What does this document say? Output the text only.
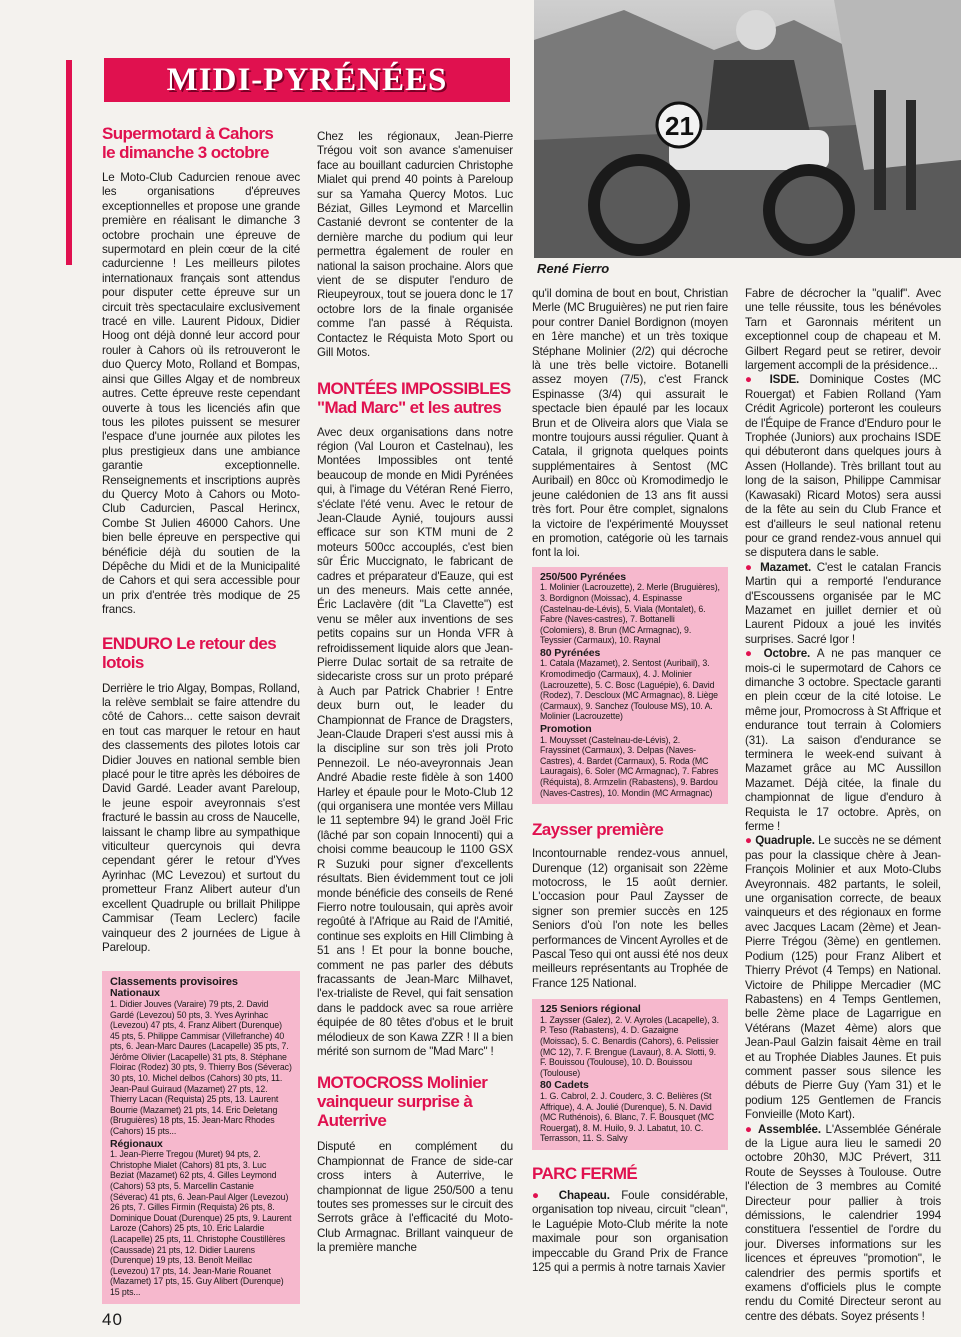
MIDI-PYRÉNÉES
21
René Fierro
Supermotard à Cahors le dimanche 3 octobre
Le Moto-Club Cadurcien renoue avec les organisations d'épreuves exceptionnelles et propose une grande première en réalisant le dimanche 3 octobre prochain une épreuve de supermotard en plein cœur de la cité cadurcienne ! Les meilleurs pilotes internationaux français sont attendus pour disputer cette épreuve sur un circuit très spectaculaire exclusivement tracé en ville. Laurent Pidoux, Didier Hoog ont déjà donné leur accord pour rouler à Cahors où ils retrouveront le duo Quercy Moto, Rolland et Bompas, ainsi que Gilles Algay et de nombreux autres. Cette épreuve reste cependant ouverte à tous les licenciés afin que tous les pilotes puissent se mesurer l'espace d'une journée aux pilotes les plus prestigieux dans une ambiance garantie exceptionnelle. Renseignements et inscriptions auprès du Quercy Moto à Cahors ou Moto-Club Cadurcien, Pascal Herincx, Combe St Julien 46000 Cahors. Une bien belle épreuve en perspective qui bénéficie déjà du soutien de la Dépêche du Midi et de la Municipalité de Cahors et qui sera accessible pour un prix d'entrée très modique de 25 francs.
ENDURO Le retour des lotois
Derrière le trio Algay, Bompas, Rolland, la relève semblait se faire attendre du côté de Cahors... cette saison devrait en tout cas marquer le retour en haut des classements des pilotes lotois car Didier Jouves en national semble bien placé pour le titre après les déboires de David Gardé. Leader avant Pareloup, le jeune espoir aveyronnais s'est fracturé le bassin au cross de Naucelle, laissant le champ libre au sympathique viticulteur quercynois qui devra cependant gérer le retour d'Yves Ayrinhac (MC Levezou) et surtout du prometteur Franz Alibert auteur d'un excellent Quadruple ou brillait Philippe Cammisar (Team Leclerc) facile vainqueur des 2 journées de Ligue à Pareloup.
Classements provisoires
Nationaux

1. Didier Jouves (Varaire) 79 pts, 2. David Gardé (Levezou) 50 pts, 3. Yves Ayrinhac (Levezou) 47 pts, 4. Franz Alibert (Durenque) 45 pts, 5. Philippe Cammisar (Villefranche) 40 pts, 6. Jean-Marc Daures (Lacapelle) 35 pts, 7. Jérôme Olivier (Lacapelle) 31 pts, 8. Stéphane Floirac (Rodez) 30 pts, 9. Thierry Bos (Séverac) 30 pts, 10. Michel delbos (Cahors) 30 pts, 11. Jean-Paul Guiraud (Mazamet) 27 pts, 12. Thierry Lacan (Requista) 25 pts, 13. Laurent Bourrie (Mazamet) 21 pts, 14. Eric Deletang (Bruguières) 18 pts, 15. Jean-Marc Rhodes (Cahors) 15 pts...

Régionaux

1. Jean-Pierre Tregou (Muret) 94 pts, 2. Christophe Mialet (Cahors) 81 pts, 3. Luc Beziat (Mazamet) 62 pts, 4. Gilles Leymond (Cahors) 53 pts, 5. Marcellin Castanie (Séverac) 41 pts, 6. Jean-Paul Alger (Levezou) 26 pts, 7. Gilles Firmin (Requista) 26 pts, 8. Dominique Douat (Durenque) 25 pts, 9. Laurent Laroze (Cahors) 25 pts, 10. Eric Lalardie (Lacapelle) 25 pts, 11. Christophe Coustillères (Caussade) 21 pts, 12. Didier Laurens (Durenque) 19 pts, 13. Benoît Meillac (Levezou) 17 pts, 14. Jean-Marie Rouanet (Mazamet) 17 pts, 15. Guy Alibert (Durenque) 15 pts...

Chez les régionaux, Jean-Pierre Trégou voit son avance s'amenuiser face au bouillant cadurcien Christophe Mialet qui prend 40 points à Pareloup sur sa Yamaha Quercy Motos. Luc Béziat, Gilles Leymond et Marcellin Castanié devront se contenter de la dernière marche du podium qui leur permettra également de rouler en national la saison prochaine. Alors que vient de se disputer l'enduro de Rieupeyroux, tout se jouera donc le 17 octobre lors de la finale organisée comme l'an passé à Réquista. Contactez le Réquista Moto Sport ou Gill Motos.
MONTÉES IMPOSSIBLES "Mad Marc" et les autres
Avec deux organisations dans notre région (Val Louron et Castelnau), les Montées Impossibles ont tenté beaucoup de monde en Midi Pyrénées qui, à l'image du Vétéran René Fierro, s'éclate l'été venu. Avec le retour de Jean-Claude Aynié, toujours aussi efficace sur son KTM muni de 2 moteurs 500cc accouplés, c'est bien sûr Éric Muccignato, le fabricant de cadres et préparateur d'Eauze, qui est un des meneurs. Mais cette année, Éric Laclavère (dit "La Clavette") est venu se mêler aux inventions de ses petits copains sur un Honda VFR à refroidissement liquide alors que Jean-Pierre Dulac sortait de sa retraite de sidecariste cross sur un proto préparé à Auch par Patrick Chabrier ! Entre deux burn out, le leader du Championnat de France de Dragsters, Jean-Claude Draperi s'est aussi mis à la discipline sur son très joli Proto Pennezoil. Le néo-aveyronnais Jean André Abadie reste fidèle à son 1400 Harley et épaule pour le Moto-Club 12 (qui organisera une montée vers Millau le 11 septembre 94) le grand Joël Fric (lâché par son copain Innocenti) qui a choisi comme beaucoup le 1100 GSX R Suzuki pour signer d'excellents résultats. Bien évidemment tout ce joli monde bénéficie des conseils de René Fierro notre toulousain, qui après avoir regoûté à l'Afrique au Raid de l'Amitié, continue ses exploits en Hill Climbing à 51 ans ! Et pour la bonne bouche, comment ne pas parler des débuts fracassants de Jean-Marc Milhavet, l'ex-trialiste de Revel, qui fait sensation dans le paddock avec sa roue arrière équipée de 80 têtes d'obus et le bruit mélodieux de son Kawa ZZR ! Il a bien mérité son surnom de "Mad Marc" !
MOTOCROSS Molinier vainqueur surprise à Auterrive
Disputé en complément du Championnat de France de side-car cross inters à Auterrive, le championnat de ligue 250/500 a tenu toutes ses promesses sur le circuit des Serrots grâce à l'efficacité du Moto-Club Armagnac. Brillant vainqueur de la première manche
qu'il domina de bout en bout, Christian Merle (MC Bruguières) ne put rien faire pour contrer Daniel Bordignon (moyen en 1ère manche) et un très toxique Stéphane Molinier (2/2) qui décroche là une très belle victoire. Botanelli assez moyen (7/5), c'est Franck Espinasse (3/4) qui assurait le spectacle bien épaulé par les locaux Brun et de Oliveira alors que Viala se montre toujours aussi régulier. Quant à Catala, il grignota quelques points supplémentaires à Sentost (MC Auribail) en 80cc où Kromodimedjo le jeune calédonien de 13 ans fit aussi très fort. Pour être complet, signalons la victoire de l'expérimenté Mouysset en promotion, catégorie où les tarnais font la loi.
250/500 Pyrénées

1. Molinier (Lacrouzette), 2. Merle (Bruguières), 3. Bordignon (Moissac), 4. Espinasse (Castelnau-de-Lévis), 5. Viala (Montalet), 6. Fabre (Naves-castres), 7. Bottanelli (Colomiers), 8. Brun (MC Armagnac), 9. Teyssier (Carmaux), 10. Raynal

80 Pyrénées

1. Catala (Mazamet), 2. Sentost (Auribail), 3. Kromodimedjo (Carmaux), 4. J. Molinier (Lacrouzette), 5. C. Bosc (Laguépie), 6. David (Rodez), 7. Descloux (MC Armagnac), 8. Liège (Carmaux), 9. Sanchez (Toulouse MS), 10. A. Molinier (Lacrouzette)

Promotion

1. Mouysset (Castelnau-de-Lévis), 2. Frayssinet (Carmaux), 3. Delpas (Naves-Castres), 4. Bardet (Carmaux), 5. Roda (MC Lauragais), 6. Soler (MC Armagnac), 7. Fabres (Réquista), 8. Armzelin (Rabastens), 9. Bardou (Naves-Castres), 10. Mondin (MC Armagnac)

Zaysser première
Incontournable rendez-vous annuel, Durenque (12) organisait son 22ème motocross, le 15 août dernier. L'occasion pour Paul Zaysser de signer son premier succès en 125 Seniors d'où l'on note les belles performances de Vincent Ayrolles et de Pascal Teso qui ont aussi été nos deux meilleurs représentants au Trophée de France 125 National.
125 Seniors régional

1. Zaysser (Galez), 2. V. Ayroles (Lacapelle), 3. P. Teso (Rabastens), 4. D. Gazaigne (Moissac), 5. C. Benardis (Cahors), 6. Pelissier (MC 12), 7. F. Brengue (Lavaur), 8. A. Slotti, 9. F. Bouissou (Toulouse), 10. D. Bouissou (Toulouse)

80 Cadets

1. G. Cabrol, 2. J. Couderc, 3. C. Belières (St Affrique), 4. A. Joulié (Durenque), 5. N. David (MC Ruthénois), 6. Blanc, 7. F. Bousquet (MC Rouergat), 8. M. Huilo, 9. J. Labatut, 10. C. Terrasson, 11. S. Salvy

PARC FERMÉ
● Chapeau. Foule considérable, organisation top niveau, circuit "clean", le Laguépie Moto-Club mérite la note maximale pour son organisation impeccable du Grand Prix de France 125 qui a permis à notre tarnais Xavier

Fabre de décrocher la "qualif". Avec une telle réussite, tous les bénévoles Tarn et Garonnais méritent un exceptionnel coup de chapeau et M. Gilbert Regard peut se retirer, devoir largement accompli de la présidence...

● ISDE. Dominique Costes (MC Rouergat) et Fabien Rolland (Yam Crédit Agricole) porteront les couleurs de l'Équipe de France d'Enduro pour le Trophée (Juniors) aux prochains ISDE qui débuteront dans quelques jours à Assen (Hollande). Très brillant tout au long de la saison, Philippe Cammisar (Kawasaki) Ricard Motos) sera aussi de la fête au sein du Club France et est d'ailleurs le seul national retenu pour ce grand rendez-vous annuel qui se disputera dans le sable.

● Mazamet. C'est le catalan Francis Martin qui a remporté l'endurance d'Escoussens organisée par le MC Mazamet en juillet dernier et où Laurent Pidoux a joué les invités surprises. Sacré Igor !

● Octobre. A ne pas manquer ce mois-ci le supermotard de Cahors ce dimanche 3 octobre. Spectacle garanti en plein cœur de la cité lotoise. Le même jour, Promocross à St Affrique et endurance tout terrain à Colomiers (31). La saison d'endurance se terminera le week-end suivant à Mazamet grâce au MC Aussillon Mazamet. Déjà citée, la finale du championnat de ligue d'enduro à Requista le 17 octobre. Après, on ferme !

● Quadruple. Le succès ne se dément pas pour la classique chère à Jean-François Molinier et aux Moto-Clubs Aveyronnais. 482 partants, le soleil, une organisation correcte, de beaux vainqueurs et des régionaux en forme avec Jacques Lacam (2ème) et Jean-Pierre Trégou (3ème) en gentlemen. Podium (125) pour Franz Alibert et Thierry Prévot (4 Temps) en National. Victoire de Philippe Mercadier (MC Rabastens) en 4 Temps Gentlemen, belle 2ème place de Lagarrigue en Vétérans (Mazet 4ème) alors que Jean-Paul Galzin faisait 4ème en trail et au Trophée Diables Jaunes. Et puis comment passer sous silence les débuts de Pierre Guy (Yam 31) et le podium 125 Gentlemen de Francis Fonvieille (Moto Kart).

● Assemblée. L'Assemblée Générale de la Ligue aura lieu le samedi 20 octobre 20h30, MJC Prévert, 311 Route de Seysses à Toulouse. Outre l'élection de 3 membres au Comité Directeur pour pallier à trois démissions, le calendrier 1994 constituera l'essentiel de l'ordre du jour. Diverses informations sur les licences et épreuves "promotion", le calendrier des permis sportifs et examens d'officiels plus le compte rendu du Comité Directeur seront au centre des débats. Soyez présents !

40
